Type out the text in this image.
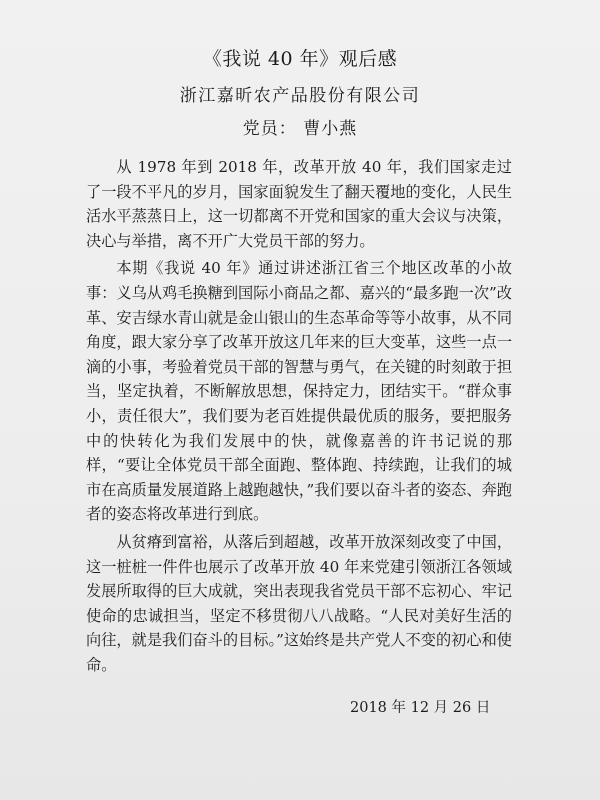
《我说 40 年》观后感
浙江嘉昕农产品股份有限公司
党员： 曹小燕

从 1978 年到 2018 年，改革开放 40 年，我们国家走过了一段不平凡的岁月，国家面貌发生了翻天覆地的变化，人民生活水平蒸蒸日上，这一切都离不开党和国家的重大会议与决策，决心与举措，离不开广大党员干部的努力。

本期《我说 40 年》通过讲述浙江省三个地区改革的小故事：义乌从鸡毛换糖到国际小商品之都、嘉兴的“最多跑一次”改革、安吉绿水青山就是金山银山的生态革命等等小故事，从不同角度，跟大家分享了改革开放这几年来的巨大变革，这些一点一滴的小事，考验着党员干部的智慧与勇气，在关键的时刻敢于担当，坚定执着，不断解放思想，保持定力，团结实干。“群众事小，责任很大”，我们要为老百姓提供最优质的服务，要把服务中的快转化为我们发展中的快，就像嘉善的许书记说的那样，“要让全体党员干部全面跑、整体跑、持续跑，让我们的城市在高质量发展道路上越跑越快，”我们要以奋斗者的姿态、奔跑者的姿态将改革进行到底。

从贫瘠到富裕，从落后到超越，改革开放深刻改变了中国，这一桩桩一件件也展示了改革开放 40 年来党建引领浙江各领域发展所取得的巨大成就，突出表现我省党员干部不忘初心、牢记使命的忠诚担当，坚定不移贯彻八八战略。“人民对美好生活的向往，就是我们奋斗的目标。”这始终是共产党人不变的初心和使命。

2018 年 12 月 26 日
